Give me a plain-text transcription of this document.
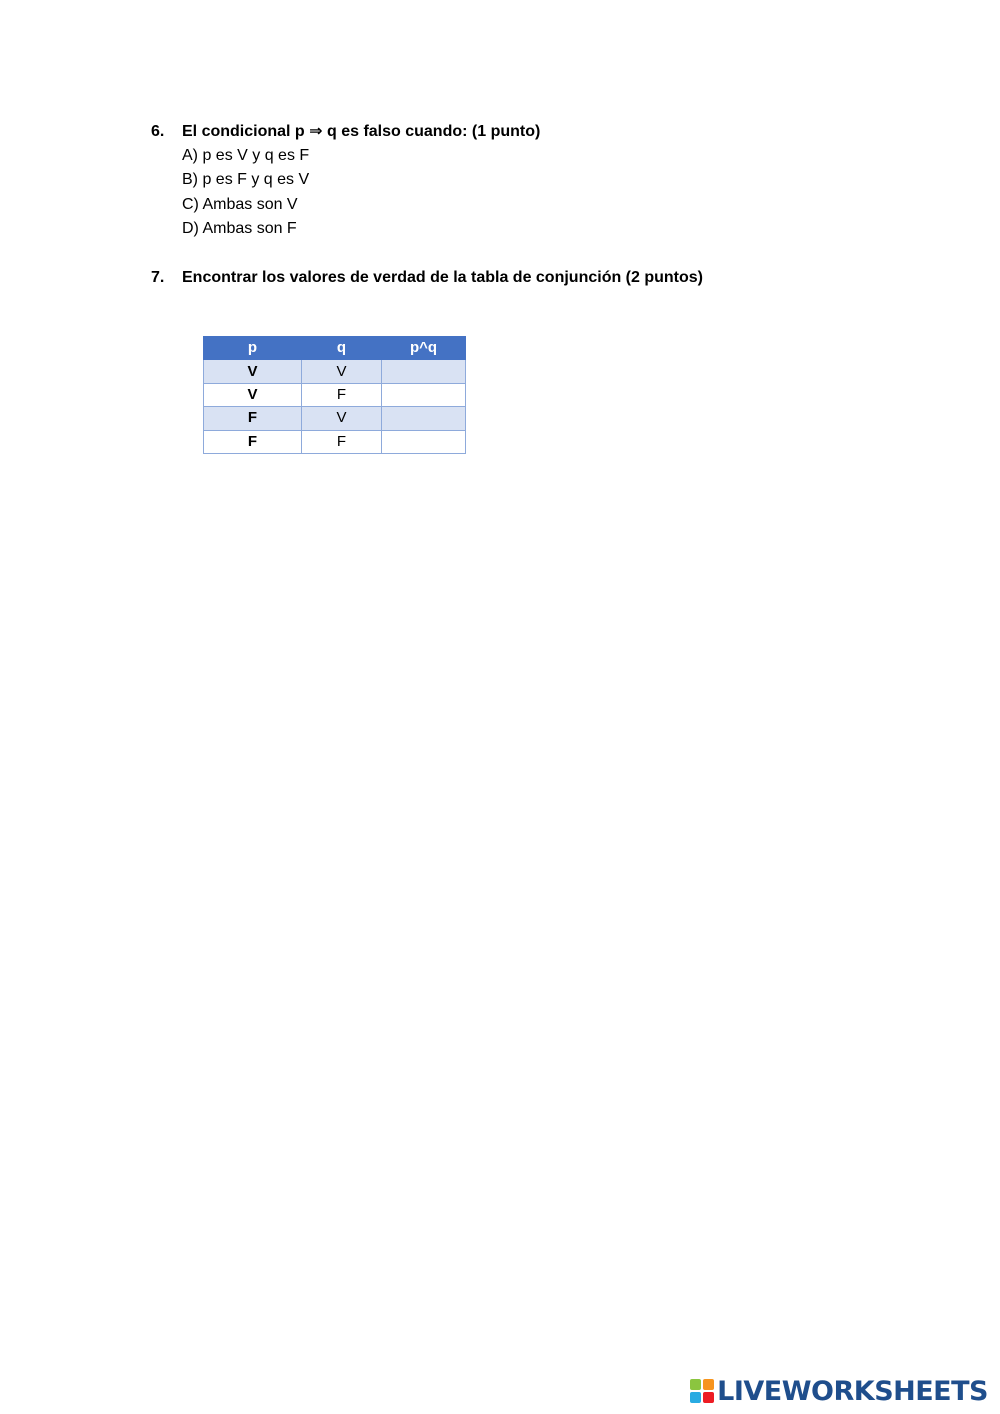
6.	El condicional p ⇒ q es falso cuando: (1 punto)
A) p es V y q es F
B) p es F y q es V
C) Ambas son V
D) Ambas son F
7.	Encontrar los valores de verdad de la tabla de conjunción (2 puntos)
p	q	p^q
V	V	
V	F	
F	V	
F	F	
LIVEWORKSHEETS
